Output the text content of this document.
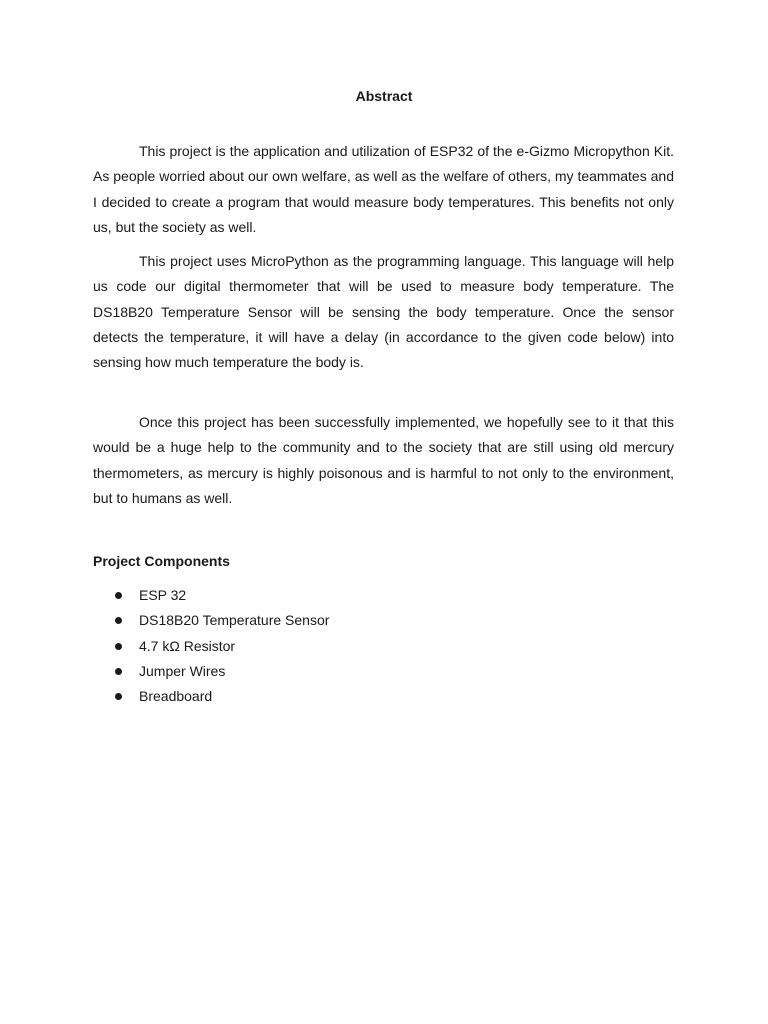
Abstract

This project is the application and utilization of ESP32 of the e-Gizmo Micropython Kit. As people worried about our own welfare, as well as the welfare of others, my teammates and I decided to create a program that would measure body temperatures. This benefits not only us, but the society as well.

This project uses MicroPython as the programming language. This language will help us code our digital thermometer that will be used to measure body temperature. The DS18B20 Temperature Sensor will be sensing the body temperature. Once the sensor detects the temperature, it will have a delay (in accordance to the given code below) into sensing how much temperature the body is.

Once this project has been successfully implemented, we hopefully see to it that this would be a huge help to the community and to the society that are still using old mercury thermometers, as mercury is highly poisonous and is harmful to not only to the environment, but to humans as well.

Project Components
ESP 32
DS18B20 Temperature Sensor
4.7 kΩ Resistor
Jumper Wires
Breadboard
